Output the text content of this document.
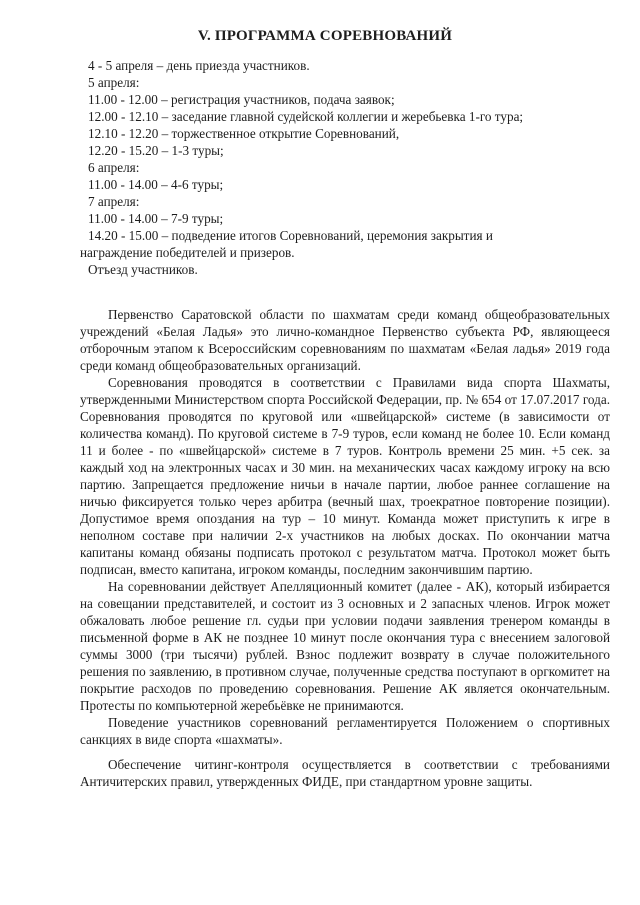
V. ПРОГРАММА СОРЕВНОВАНИЙ
4 - 5 апреля – день приезда участников.
5 апреля:
11.00 - 12.00 – регистрация участников, подача заявок;
12.00 - 12.10 – заседание главной судейской коллегии и жеребьевка 1-го тура;
12.10 - 12.20 – торжественное открытие Соревнований,
12.20 - 15.20 – 1-3 туры;
6 апреля:
11.00 - 14.00 – 4-6 туры;
7 апреля:
11.00 - 14.00 – 7-9 туры;
14.20 - 15.00 – подведение итогов Соревнований, церемония закрытия и
награждение победителей и призеров.
Отъезд участников.

Первенство Саратовской области по шахматам среди команд общеобразовательных учреждений «Белая Ладья» это лично-командное Первенство субъекта РФ, являющееся отборочным этапом к Всероссийским соревнованиям по шахматам «Белая ладья» 2019 года среди команд общеобразовательных организаций.

Соревнования проводятся в соответствии с Правилами вида спорта Шахматы, утвержденными Министерством спорта Российской Федерации, пр. № 654 от 17.07.2017 года. Соревнования проводятся по круговой или «швейцарской» системе (в зависимости от количества команд). По круговой системе в 7-9 туров, если команд не более 10. Если команд 11 и более - по «швейцарской» системе в 7 туров. Контроль времени 25 мин. +5 сек. за каждый ход на электронных часах и 30 мин. на механических часах каждому игроку на всю партию. Запрещается предложение ничьи в начале партии, любое раннее соглашение на ничью фиксируется только через арбитра (вечный шах, троекратное повторение позиции). Допустимое время опоздания на тур – 10 минут. Команда может приступить к игре в неполном составе при наличии 2-х участников на любых досках. По окончании матча капитаны команд обязаны подписать протокол с результатом матча. Протокол может быть подписан, вместо капитана, игроком команды, последним закончившим партию.

На соревновании действует Апелляционный комитет (далее - АК), который избирается на совещании представителей, и состоит из 3 основных и 2 запасных членов. Игрок может обжаловать любое решение гл. судьи при условии подачи заявления тренером команды в письменной форме в АК не позднее 10 минут после окончания тура с внесением залоговой суммы 3000 (три тысячи) рублей. Взнос подлежит возврату в случае положительного решения по заявлению, в противном случае, полученные средства поступают в оргкомитет на покрытие расходов по проведению соревнования. Решение АК является окончательным. Протесты по компьютерной жеребьёвке не принимаются.

Поведение участников соревнований регламентируется Положением о спортивных санкциях в виде спорта «шахматы».

Обеспечение читинг-контроля осуществляется в соответствии с требованиями Античитерских правил, утвержденных ФИДЕ, при стандартном уровне защиты.
